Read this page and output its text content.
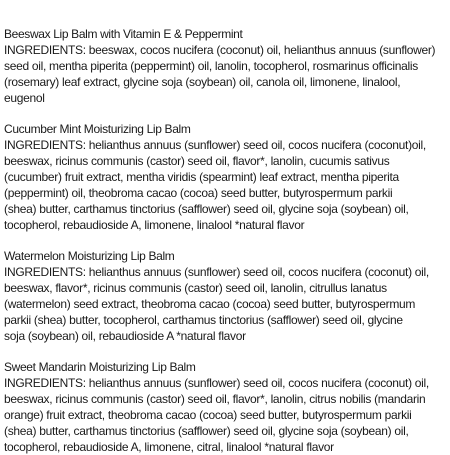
Beeswax Lip Balm with Vitamin E & Peppermint

INGREDIENTS: beeswax, cocos nucifera (coconut) oil, helianthus annuus (sunflower)
seed oil, mentha piperita (peppermint) oil, lanolin, tocopherol, rosmarinus officinalis
(rosemary) leaf extract, glycine soja (soybean) oil, canola oil, limonene, linalool,
eugenol

Cucumber Mint Moisturizing Lip Balm

INGREDIENTS: helianthus annuus (sunflower) seed oil, cocos nucifera (coconut)oil,
beeswax, ricinus communis (castor) seed oil, flavor*, lanolin, cucumis sativus
(cucumber) fruit extract, mentha viridis (spearmint) leaf extract, mentha piperita
(peppermint) oil, theobroma cacao (cocoa) seed butter, butyrospermum parkii
(shea) butter, carthamus tinctorius (safflower) seed oil, glycine soja (soybean) oil,
tocopherol, rebaudioside A, limonene, linalool *natural flavor

Watermelon Moisturizing Lip Balm

INGREDIENTS: helianthus annuus (sunflower) seed oil, cocos nucifera (coconut) oil,
beeswax, flavor*, ricinus communis (castor) seed oil, lanolin, citrullus lanatus
(watermelon) seed extract, theobroma cacao (cocoa) seed butter, butyrospermum
parkii (shea) butter, tocopherol, carthamus tinctorius (safflower) seed oil, glycine
soja (soybean) oil, rebaudioside A *natural flavor

Sweet Mandarin Moisturizing Lip Balm

INGREDIENTS: helianthus annuus (sunflower) seed oil, cocos nucifera (coconut) oil,
beeswax, ricinus communis (castor) seed oil, flavor*, lanolin, citrus nobilis (mandarin
orange) fruit extract, theobroma cacao (cocoa) seed butter, butyrospermum parkii
(shea) butter, carthamus tinctorius (safflower) seed oil, glycine soja (soybean) oil,
tocopherol, rebaudioside A, limonene, citral, linalool *natural flavor
